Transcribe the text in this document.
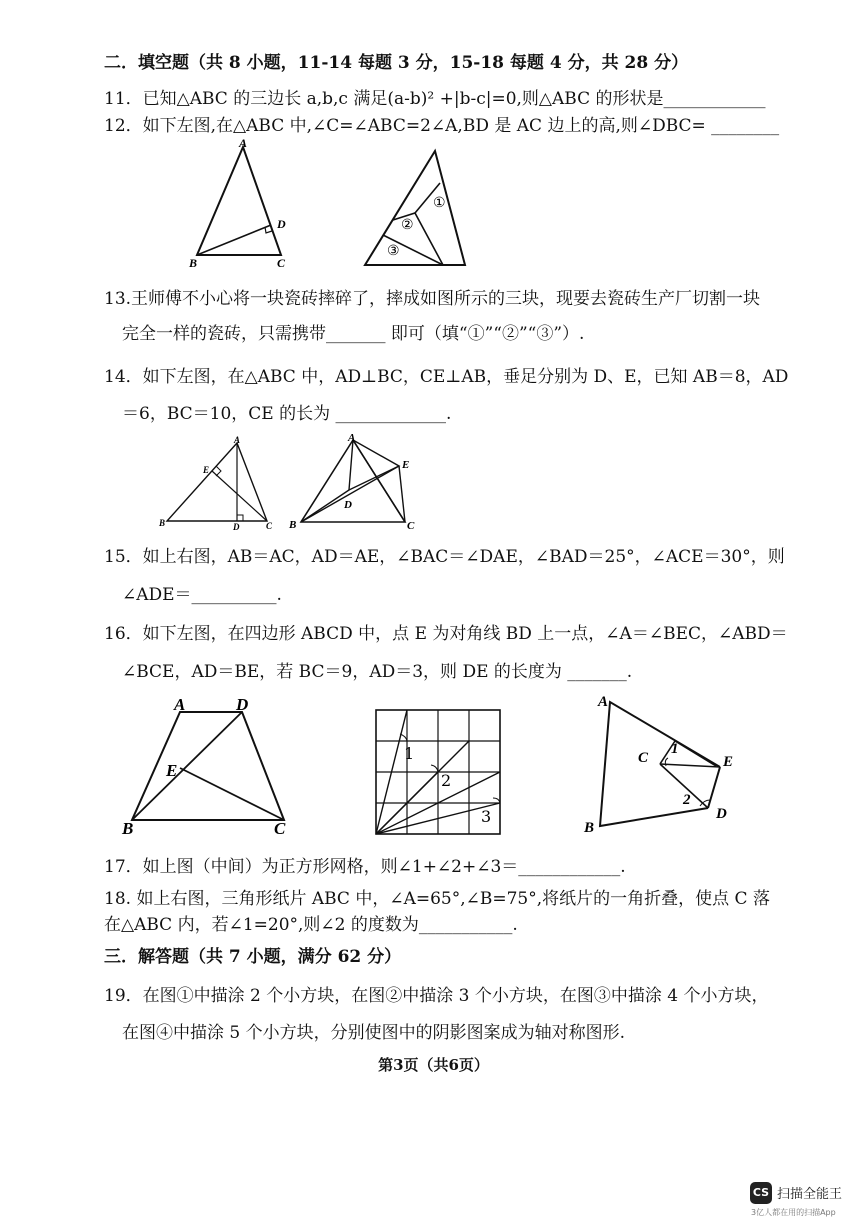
二．填空题（共 8 小题，11-14 每题 3 分，15-18 每题 4 分，共 28 分）
11．已知△ABC 的三边长 a,b,c 满足(a-b)² +|b-c|=0,则△ABC 的形状是____________
12．如下左图,在△ABC 中,∠C=∠ABC=2∠A,BD 是 AC 边上的高,则∠DBC= ________
A
B	C
D
①
②
③
13.王师傅不小心将一块瓷砖摔碎了，摔成如图所示的三块，现要去瓷砖生产厂切割一块
完全一样的瓷砖，只需携带_______ 即可（填“①”“②”“③”）.
14．如下左图，在△ABC 中，AD⊥BC，CE⊥AB，垂足分别为 D、E，已知 AB＝8，AD
＝6，BC＝10，CE 的长为 _____________.
A
E
B	D	C
A
E
D
B	C
15．如上右图，AB＝AC，AD＝AE，∠BAC＝∠DAE，∠BAD＝25°，∠ACE＝30°，则
∠ADE＝__________.
16．如下左图，在四边形 ABCD 中，点 E 为对角线 BD 上一点，∠A＝∠BEC，∠ABD＝
∠BCE，AD＝BE，若 BC＝9，AD＝3，则 DE 的长度为 _______.
A	D
E
B	C
1
2
3
A
C
1
E
2
D
B
17．如上图（中间）为正方形网格，则∠1+∠2+∠3＝____________.
18. 如上右图，三角形纸片 ABC 中，∠A=65°,∠B=75°,将纸片的一角折叠，使点 C 落
在△ABC 内，若∠1=20°,则∠2 的度数为___________.
三．解答题（共 7 小题，满分 62 分）
19．在图①中描涂 2 个小方块，在图②中描涂 3 个小方块，在图③中描涂 4 个小方块，
在图④中描涂 5 个小方块，分别使图中的阴影图案成为轴对称图形.
第3页（共6页）
CS 扫描全能王
3亿人都在用的扫描App
